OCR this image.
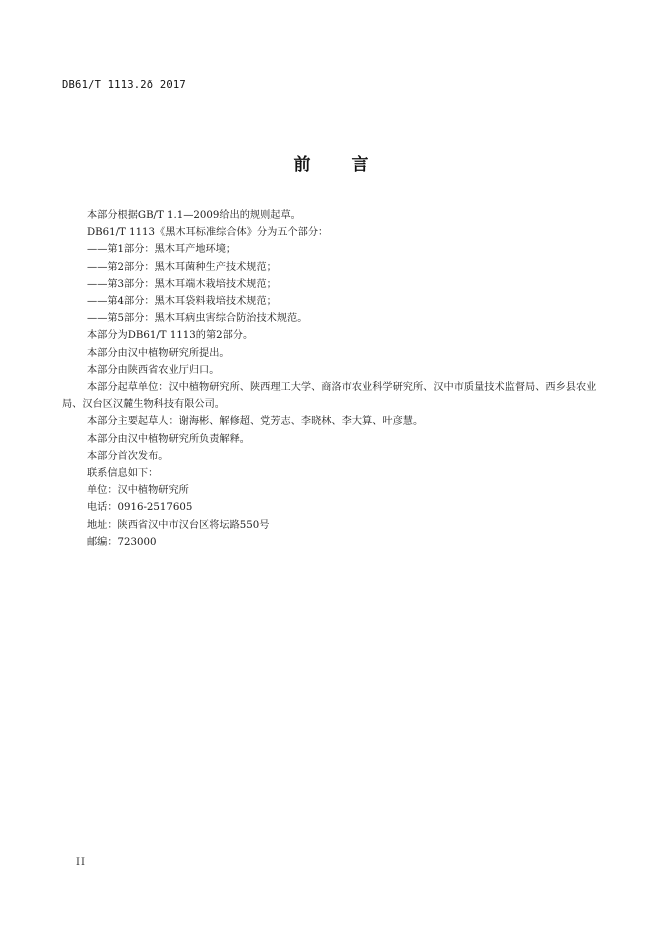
DB61/T 1113.2ð 2017
前　言
本部分根据GB/T 1.1—2009给出的规则起草。
DB61/T 1113《黑木耳标准综合体》分为五个部分：
——第1部分：黑木耳产地环境；
——第2部分：黑木耳菌种生产技术规范；
——第3部分：黑木耳端木栽培技术规范；
——第4部分：黑木耳袋料栽培技术规范；
——第5部分：黑木耳病虫害综合防治技术规范。
本部分为DB61/T 1113的第2部分。
本部分由汉中植物研究所提出。
本部分由陕西省农业厅归口。
本部分起草单位：汉中植物研究所、陕西理工大学、商洛市农业科学研究所、汉中市质量技术监督局、西乡县农业局、汉台区汉麓生物科技有限公司。
本部分主要起草人：谢海彬、解修超、党芳志、李晓林、李大算、叶彦慧。
本部分由汉中植物研究所负责解释。
本部分首次发布。
联系信息如下：
单位：汉中植物研究所
电话：0916-2517605
地址：陕西省汉中市汉台区将坛路550号
邮编：723000
II
